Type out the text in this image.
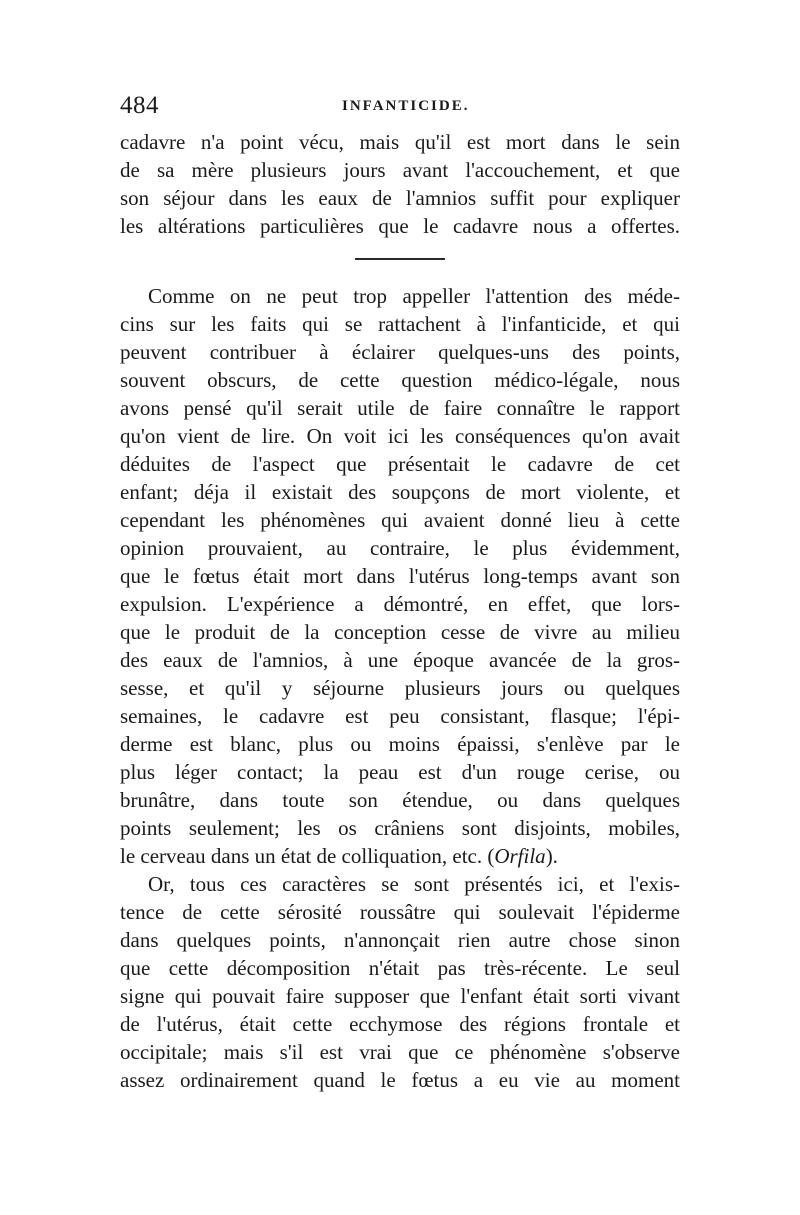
484	INFANTICIDE.
cadavre n'a point vécu, mais qu'il est mort dans le sein
de sa mère plusieurs jours avant l'accouchement, et que
son séjour dans les eaux de l'amnios suffit pour expliquer
les altérations particulières que le cadavre nous a offertes.
Comme on ne peut trop appeller l'attention des méde-
cins sur les faits qui se rattachent à l'infanticide, et qui
peuvent contribuer à éclairer quelques-uns des points,
souvent obscurs, de cette question médico-légale, nous
avons pensé qu'il serait utile de faire connaître le rapport
qu'on vient de lire. On voit ici les conséquences qu'on avait
déduites de l'aspect que présentait le cadavre de cet
enfant; déja il existait des soupçons de mort violente, et
cependant les phénomènes qui avaient donné lieu à cette
opinion prouvaient, au contraire, le plus évidemment,
que le fœtus était mort dans l'utérus long-temps avant son
expulsion. L'expérience a démontré, en effet, que lors-
que le produit de la conception cesse de vivre au milieu
des eaux de l'amnios, à une époque avancée de la gros-
sesse, et qu'il y séjourne plusieurs jours ou quelques
semaines, le cadavre est peu consistant, flasque; l'épi-
derme est blanc, plus ou moins épaissi, s'enlève par le
plus léger contact; la peau est d'un rouge cerise, ou
brunâtre, dans toute son étendue, ou dans quelques
points seulement; les os crâniens sont disjoints, mobiles,
le cerveau dans un état de colliquation, etc. (Orfila).
Or, tous ces caractères se sont présentés ici, et l'exis-
tence de cette sérosité roussâtre qui soulevait l'épiderme
dans quelques points, n'annonçait rien autre chose sinon
que cette décomposition n'était pas très-récente. Le seul
signe qui pouvait faire supposer que l'enfant était sorti vivant
de l'utérus, était cette ecchymose des régions frontale et
occipitale; mais s'il est vrai que ce phénomène s'observe
assez ordinairement quand le fœtus a eu vie au moment
